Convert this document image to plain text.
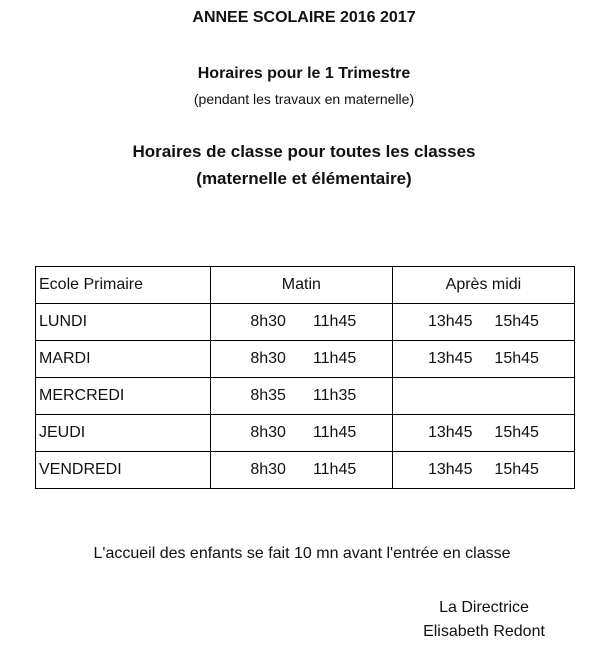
ANNEE SCOLAIRE 2016 2017
Horaires pour le 1 Trimestre
(pendant les travaux en maternelle)
Horaires de classe pour toutes les classes
(maternelle et élémentaire)
Ecole Primaire	Matin	Après midi
LUNDI	8h30 11h45	13h45 15h45
MARDI	8h30 11h45	13h45 15h45
MERCREDI	8h35 11h35	
JEUDI	8h30 11h45	13h45 15h45
VENDREDI	8h30 11h45	13h45 15h45
L'accueil des enfants se fait 10 mn avant l'entrée en classe
La Directrice
Elisabeth Redont
